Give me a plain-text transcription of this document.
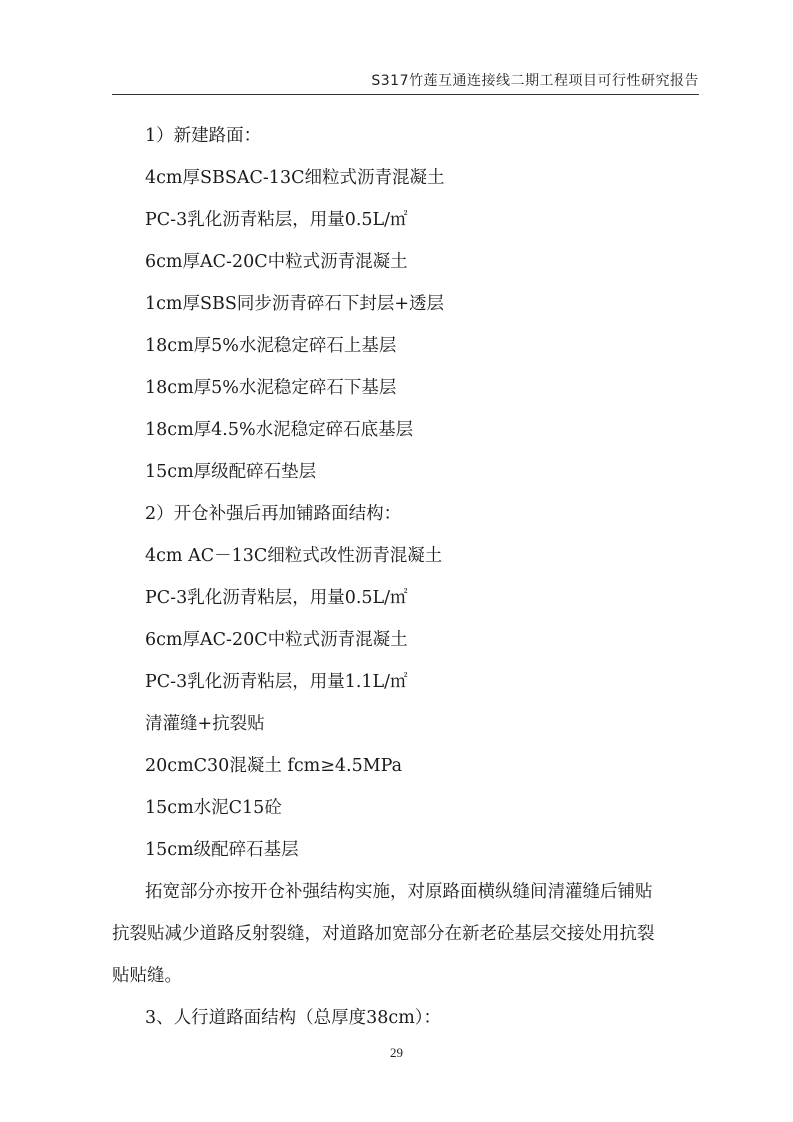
S317竹莲互通连接线二期工程项目可行性研究报告
1）新建路面：
4cm厚SBSAC-13C细粒式沥青混凝土
PC-3乳化沥青粘层，用量0.5L/㎡
6cm厚AC-20C中粒式沥青混凝土
1cm厚SBS同步沥青碎石下封层+透层
18cm厚5%水泥稳定碎石上基层
18cm厚5%水泥稳定碎石下基层
18cm厚4.5%水泥稳定碎石底基层
15cm厚级配碎石垫层
2）开仓补强后再加铺路面结构：
4cm AC－13C细粒式改性沥青混凝土
PC-3乳化沥青粘层，用量0.5L/㎡
6cm厚AC-20C中粒式沥青混凝土
PC-3乳化沥青粘层，用量1.1L/㎡
清灌缝+抗裂贴
20cmC30混凝土 fcm≥4.5MPa
15cm水泥C15砼
15cm级配碎石基层
拓宽部分亦按开仓补强结构实施，对原路面横纵缝间清灌缝后铺贴
抗裂贴减少道路反射裂缝，对道路加宽部分在新老砼基层交接处用抗裂
贴贴缝。
3、人行道路面结构（总厚度38cm）：
29
